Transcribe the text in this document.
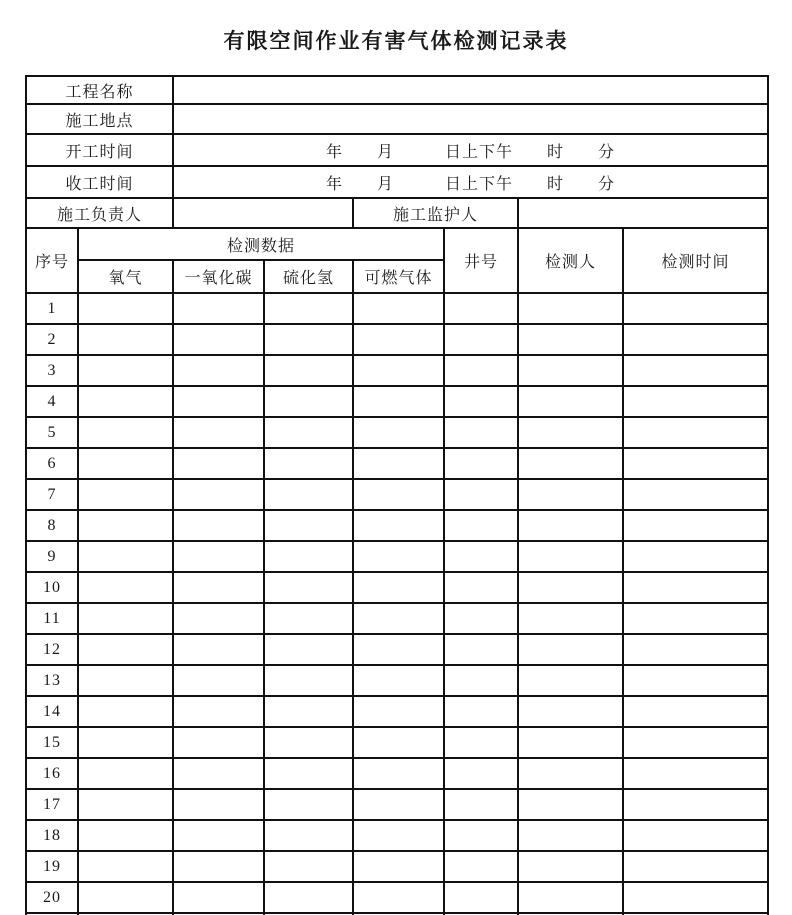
有限空间作业有害气体检测记录表
工程名称							
施工地点							
开工时间		年　　月　　　日上下午　　时　　分					
收工时间		年　　月　　　日上下午　　时　　分					
施工负责人				施工监护人			
序号	检测数据				井号	检测人	检测时间
	氧气	一氧化碳	硫化氢	可燃气体			
1							
2							
3							
4							
5							
6							
7							
8							
9							
10							
11							
12							
13							
14							
15							
16							
17							
18							
19							
20							
